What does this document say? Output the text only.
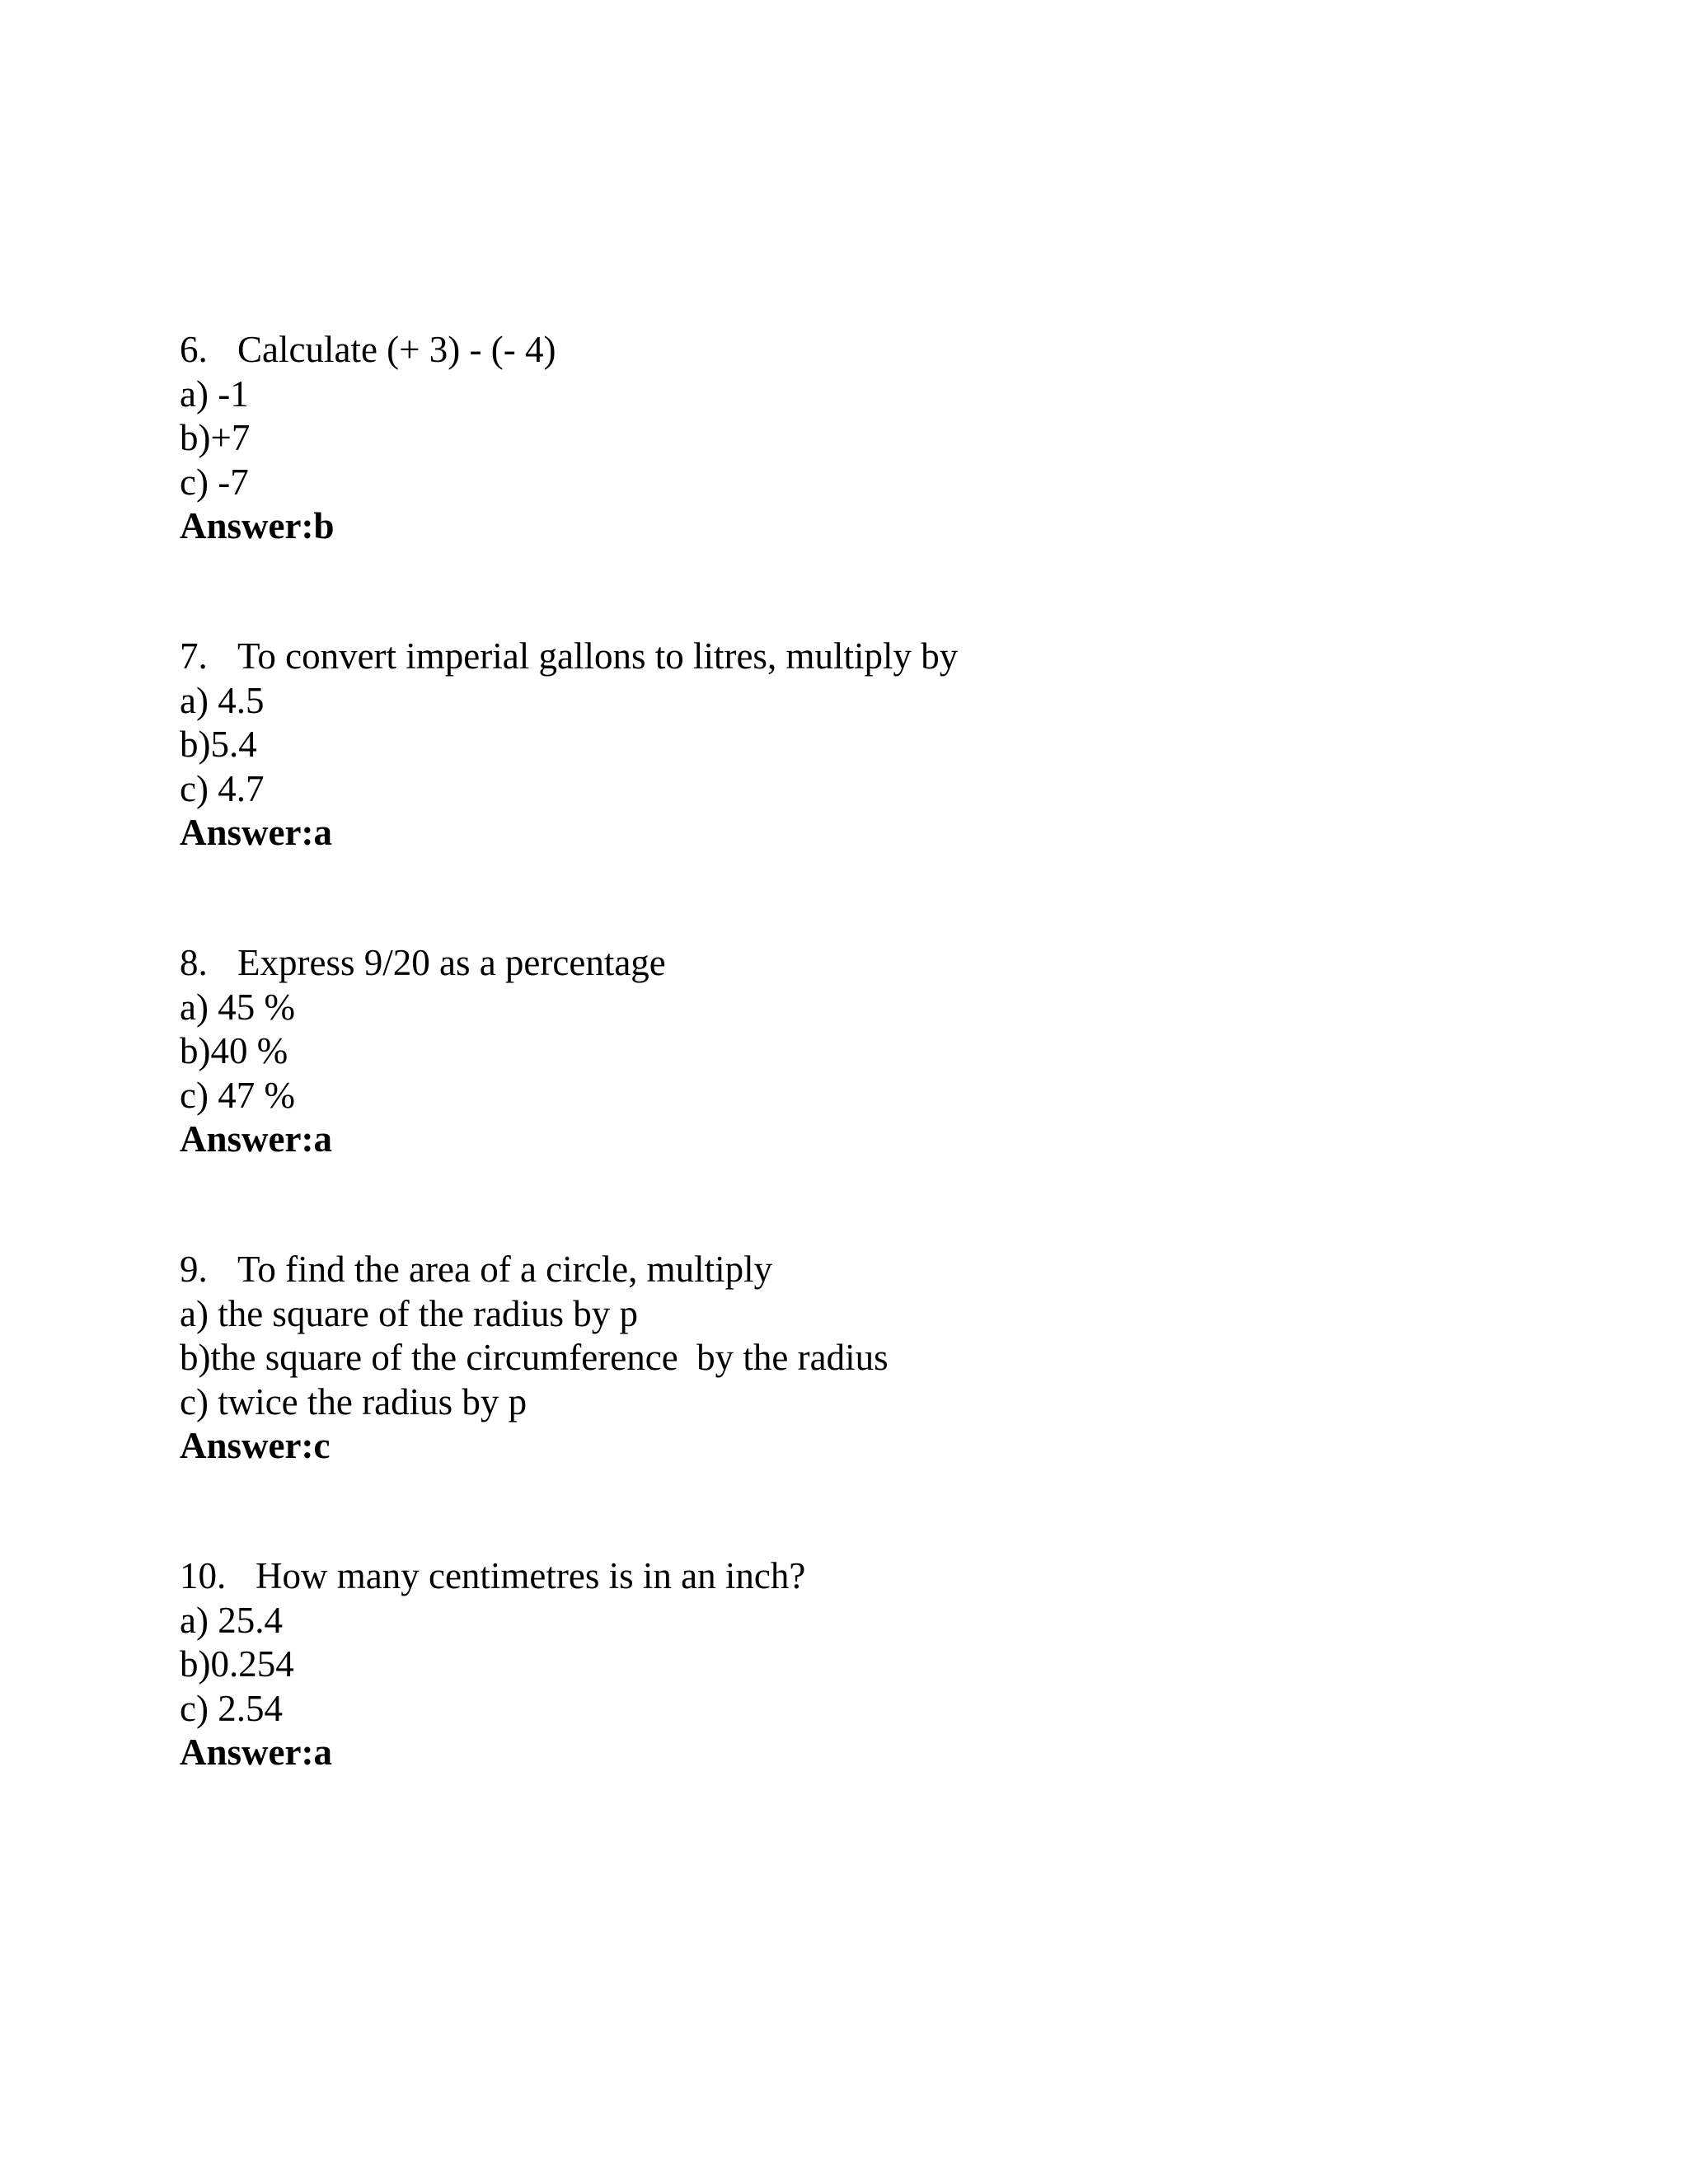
6. Calculate (+ 3) - (- 4)
a) -1
b)+7
c) -7
Answer:b
7. To convert imperial gallons to litres, multiply by
a) 4.5
b)5.4
c) 4.7
Answer:a
8. Express 9/20 as a percentage
a) 45 %
b)40 %
c) 47 %
Answer:a
9. To find the area of a circle, multiply
a) the square of the radius by p
b)the square of the circumference  by the radius
c) twice the radius by p
Answer:c
10. How many centimetres is in an inch?
a) 25.4
b)0.254
c) 2.54
Answer:a
